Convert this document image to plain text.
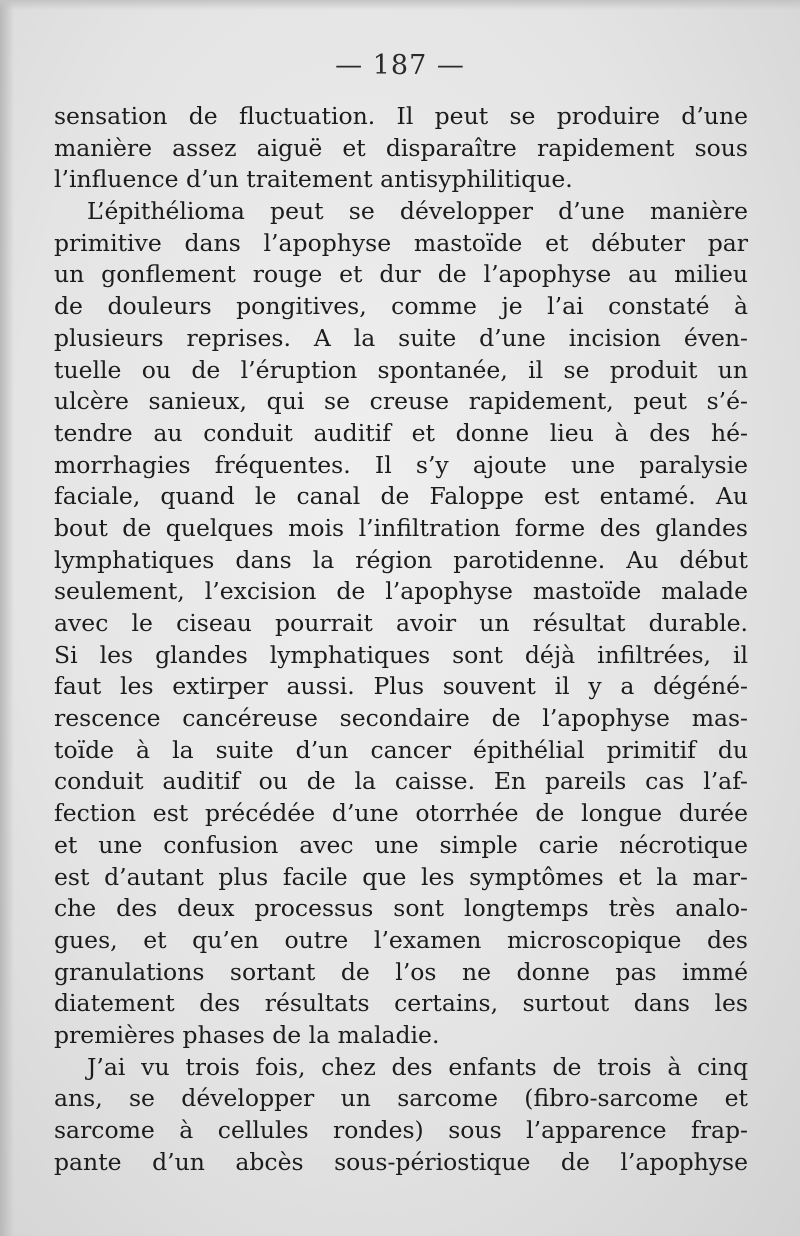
— 187 —
sensation de fluctuation. Il peut se produire d’une
manière assez aiguë et disparaître rapidement sous
l’influence d’un traitement antisyphilitique.
L’épithélioma peut se développer d’une manière
primitive dans l’apophyse mastoïde et débuter par
un gonflement rouge et dur de l’apophyse au milieu
de douleurs pongitives, comme je l’ai constaté à
plusieurs reprises. A la suite d’une incision éven-
tuelle ou de l’éruption spontanée, il se produit un
ulcère sanieux, qui se creuse rapidement, peut s’é-
tendre au conduit auditif et donne lieu à des hé-
morrhagies fréquentes. Il s’y ajoute une paralysie
faciale, quand le canal de Faloppe est entamé. Au
bout de quelques mois l’infiltration forme des glandes
lymphatiques dans la région parotidenne. Au début
seulement, l’excision de l’apophyse mastoïde malade
avec le ciseau pourrait avoir un résultat durable.
Si les glandes lymphatiques sont déjà infiltrées, il
faut les extirper aussi. Plus souvent il y a dégéné-
rescence cancéreuse secondaire de l’apophyse mas-
toïde à la suite d’un cancer épithélial primitif du
conduit auditif ou de la caisse. En pareils cas l’af-
fection est précédée d’une otorrhée de longue durée
et une confusion avec une simple carie nécrotique
est d’autant plus facile que les symptômes et la mar-
che des deux processus sont longtemps très analo-
gues, et qu’en outre l’examen microscopique des
granulations sortant de l’os ne donne pas immé
diatement des résultats certains, surtout dans les
premières phases de la maladie.
J’ai vu trois fois, chez des enfants de trois à cinq
ans, se développer un sarcome (fibro-sarcome et
sarcome à cellules rondes) sous l’apparence frap-
pante d’un abcès sous-périostique de l’apophyse
